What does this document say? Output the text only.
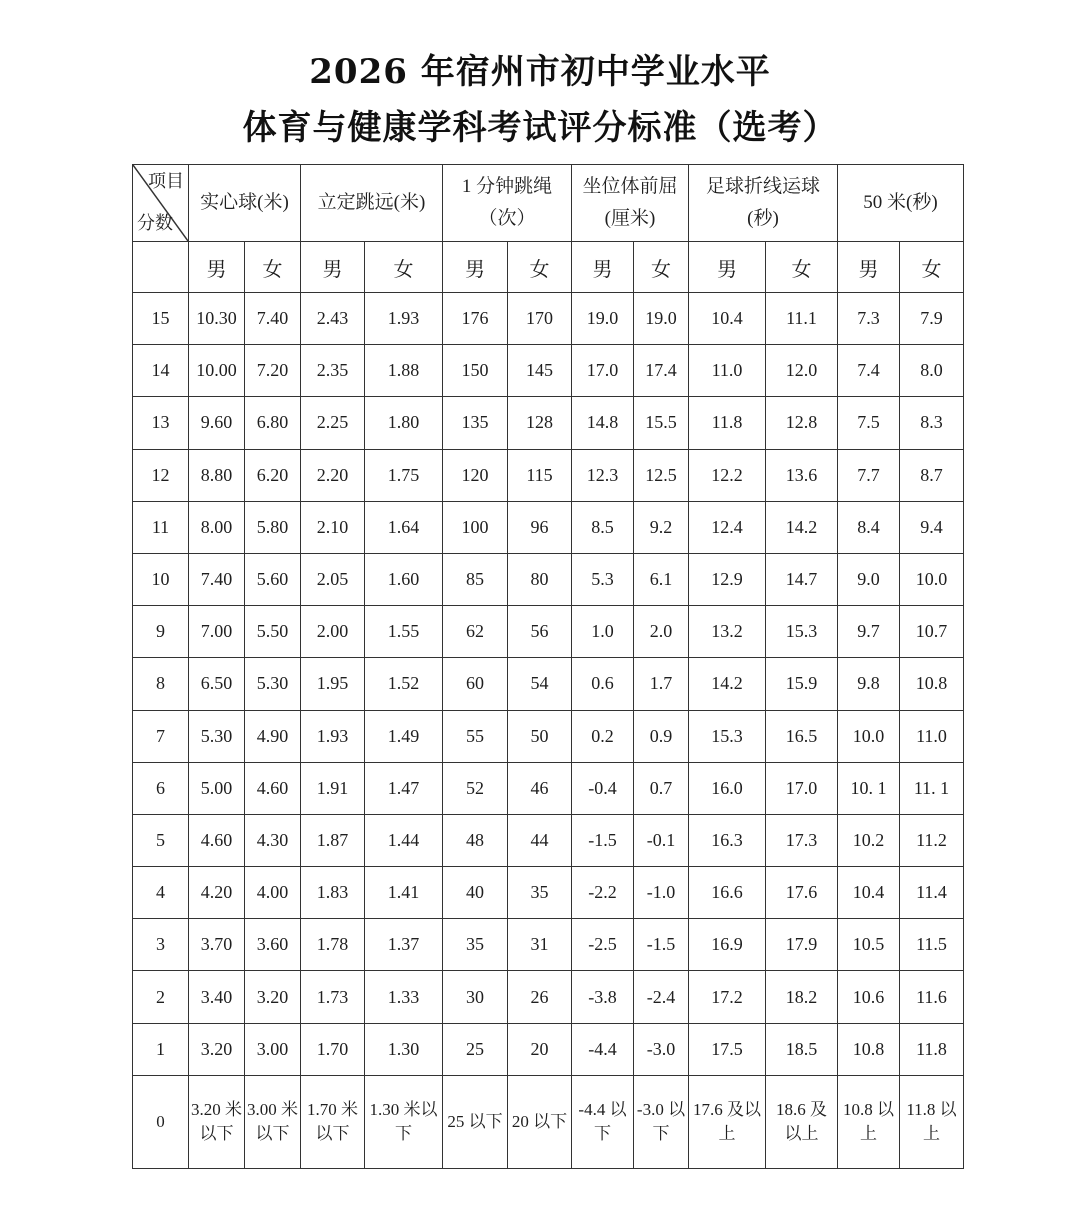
2026 年宿州市初中学业水平
体育与健康学科考试评分标准（选考）
项目
分数	实心球(米)		立定跳远(米)		1 分钟跳绳（次）		坐位体前屈(厘米)		足球折线运球(秒)		50 米(秒)	

	男	女	男	女	男	女	男	女	男	女	男	女
15	10.30	7.40	2.43	1.93	176	170	19.0	19.0	10.4	11.1	7.3	7.9
14	10.00	7.20	2.35	1.88	150	145	17.0	17.4	11.0	12.0	7.4	8.0
13	9.60	6.80	2.25	1.80	135	128	14.8	15.5	11.8	12.8	7.5	8.3
12	8.80	6.20	2.20	1.75	120	115	12.3	12.5	12.2	13.6	7.7	8.7
11	8.00	5.80	2.10	1.64	100	96	8.5	9.2	12.4	14.2	8.4	9.4
10	7.40	5.60	2.05	1.60	85	80	5.3	6.1	12.9	14.7	9.0	10.0
9	7.00	5.50	2.00	1.55	62	56	1.0	2.0	13.2	15.3	9.7	10.7
8	6.50	5.30	1.95	1.52	60	54	0.6	1.7	14.2	15.9	9.8	10.8
7	5.30	4.90	1.93	1.49	55	50	0.2	0.9	15.3	16.5	10.0	11.0
6	5.00	4.60	1.91	1.47	52	46	-0.4	0.7	16.0	17.0	10. 1	11. 1
5	4.60	4.30	1.87	1.44	48	44	-1.5	-0.1	16.3	17.3	10.2	11.2
4	4.20	4.00	1.83	1.41	40	35	-2.2	-1.0	16.6	17.6	10.4	11.4
3	3.70	3.60	1.78	1.37	35	31	-2.5	-1.5	16.9	17.9	10.5	11.5
2	3.40	3.20	1.73	1.33	30	26	-3.8	-2.4	17.2	18.2	10.6	11.6
1	3.20	3.00	1.70	1.30	25	20	-4.4	-3.0	17.5	18.5	10.8	11.8
0	3.20 米以下	3.00 米以下	1.70 米以下	1.30 米以下	25 以下	20 以下	-4.4 以下	-3.0 以下	17.6 及以上	18.6 及以上	10.8 以上	11.8 以上
